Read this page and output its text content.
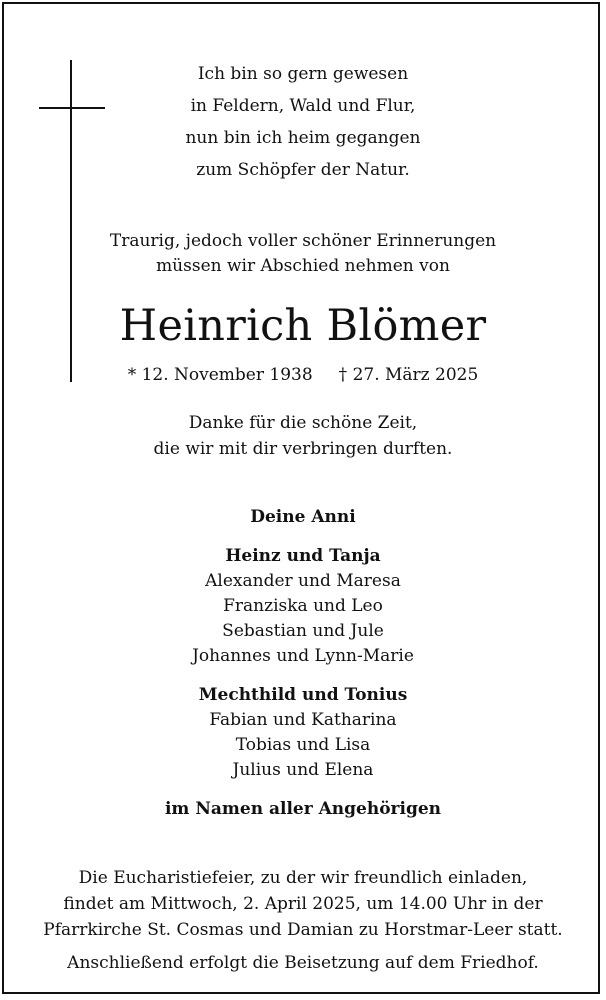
Ich bin so gern gewesen
in Feldern, Wald und Flur,
nun bin ich heim gegangen
zum Schöpfer der Natur.
Traurig, jedoch voller schöner Erinnerungen
müssen wir Abschied nehmen von
Heinrich Blömer
* 12. November 1938 † 27. März 2025
Danke für die schöne Zeit,
die wir mit dir verbringen durften.
Deine Anni
Heinz und Tanja
Alexander und Maresa
Franziska und Leo
Sebastian und Jule
Johannes und Lynn-Marie
Mechthild und Tonius
Fabian und Katharina
Tobias und Lisa
Julius und Elena
im Namen aller Angehörigen
Die Eucharistiefeier, zu der wir freundlich einladen,
findet am Mittwoch, 2. April 2025, um 14.00 Uhr in der
Pfarrkirche St. Cosmas und Damian zu Horstmar-Leer statt.
Anschließend erfolgt die Beisetzung auf dem Friedhof.
